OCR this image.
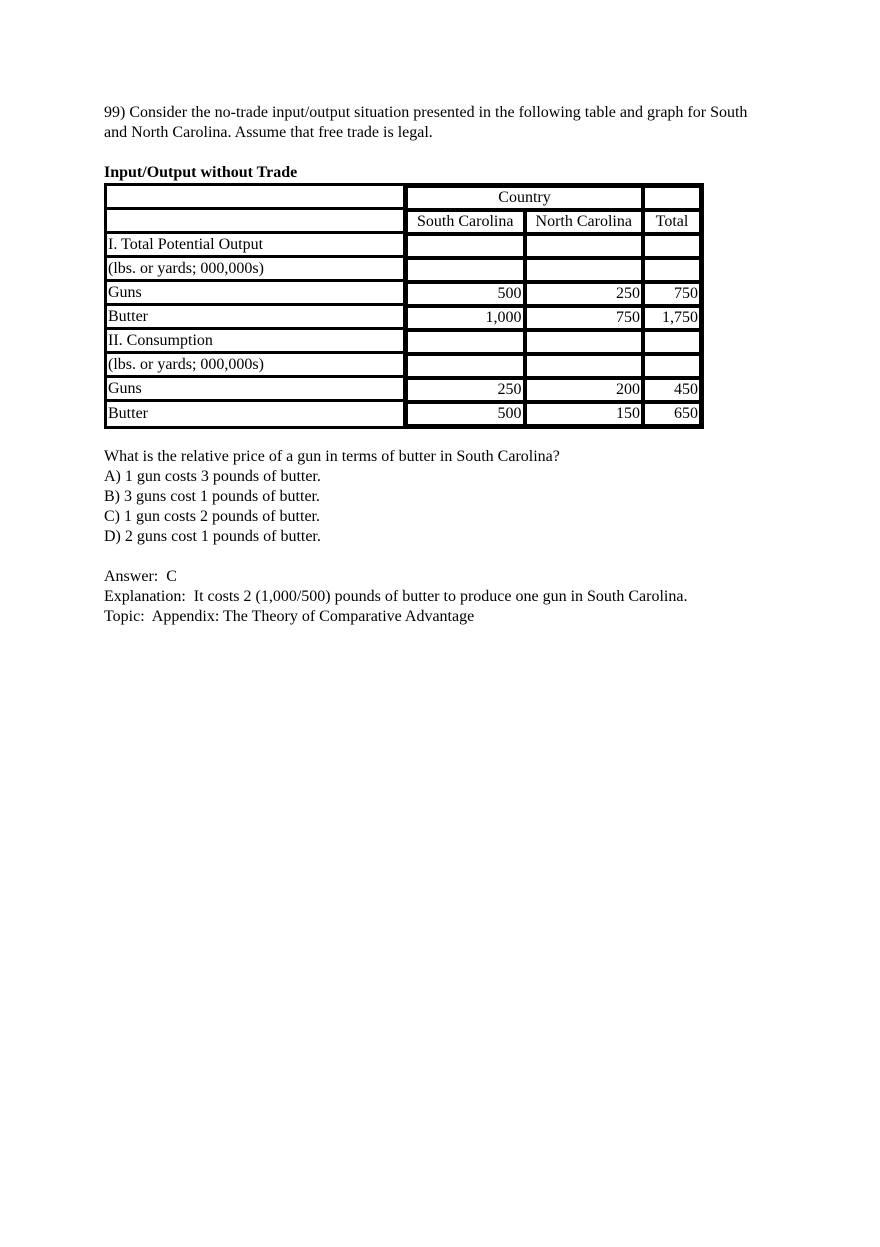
99) Consider the no-trade input/output situation presented in the following table and graph for South and North Carolina. Assume that free trade is legal.
Input/Output without Trade
	Country		
	South Carolina	North Carolina	Total
I. Total Potential Output			
(lbs. or yards; 000,000s)			
Guns	500	250	750
Butter	1,000	750	1,750
II. Consumption			
(lbs. or yards; 000,000s)			
Guns	250	200	450
Butter	500	150	650
What is the relative price of a gun in terms of butter in South Carolina?
A) 1 gun costs 3 pounds of butter.
B) 3 guns cost 1 pounds of butter.
C) 1 gun costs 2 pounds of butter.
D) 2 guns cost 1 pounds of butter.
Answer:  C
Explanation:  It costs 2 (1,000/500) pounds of butter to produce one gun in South Carolina.
Topic:  Appendix: The Theory of Comparative Advantage
